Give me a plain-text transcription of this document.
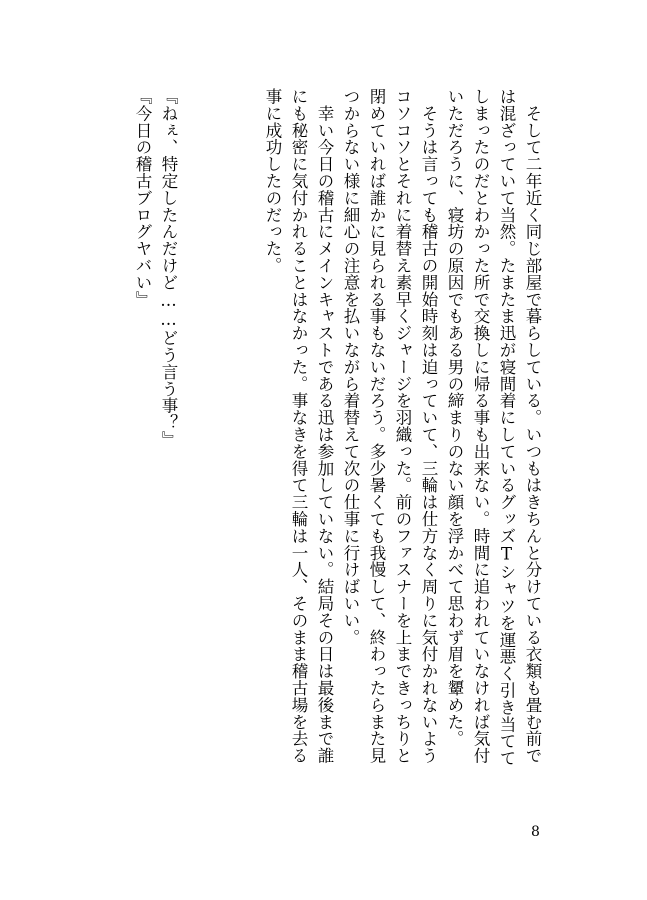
　そして二年近く同じ部屋で暮らしている。いつもはきちんと分けている衣類も畳む前で
は混ざっていて当然。たまたま迅が寝間着にしているグッズTシャツを運悪く引き当てて
しまったのだとわかった所で交換しに帰る事も出来ない。時間に追われていなければ気付
いただろうに、寝坊の原因でもある男の締まりのない顔を浮かべて思わず眉を顰めた。
　そうは言っても稽古の開始時刻は迫っていて、三輪は仕方なく周りに気付かれないよう
コソコソとそれに着替え素早くジャージを羽織った。前のファスナーを上まできっちりと
閉めていれば誰かに見られる事もないだろう。多少暑くても我慢して、終わったらまた見
つからない様に細心の注意を払いながら着替えて次の仕事に行けばいい。
　幸い今日の稽古にメインキャストである迅は参加していない。結局その日は最後まで誰
にも秘密に気付かれることはなかった。事なきを得て三輪は一人、そのまま稽古場を去る
事に成功したのだった。
『ねぇ、特定したんだけど……どう言う事？』
『今日の稽古ブログヤバい』
8
